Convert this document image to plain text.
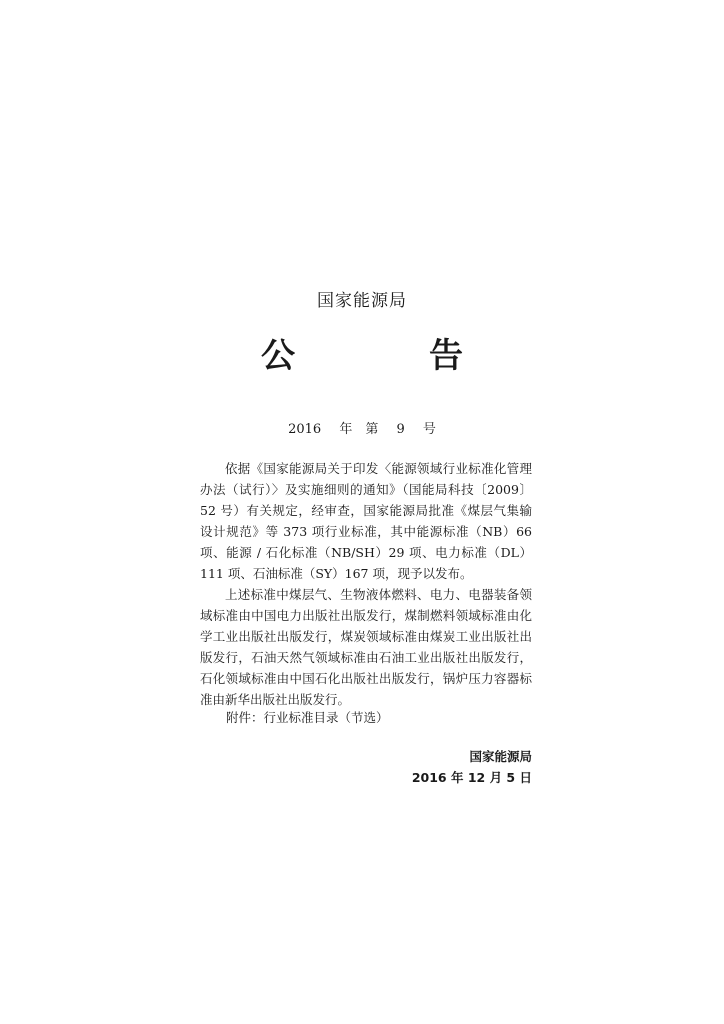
国家能源局
公　告
2016 年　第 9 号

依据《国家能源局关于印发〈能源领域行业标准化管理办法（试行）〉及实施细则的通知》（国能局科技〔2009〕52 号）有关规定，经审查，国家能源局批准《煤层气集输设计规范》等 373 项行业标准，其中能源标准（NB）66 项、能源 / 石化标准（NB/SH）29 项、电力标准（DL）111 项、石油标准（SY）167 项，现予以发布。

上述标准中煤层气、生物液体燃料、电力、电器装备领域标准由中国电力出版社出版发行，煤制燃料领域标准由化学工业出版社出版发行，煤炭领域标准由煤炭工业出版社出版发行，石油天然气领域标准由石油工业出版社出版发行，石化领域标准由中国石化出版社出版发行，锅炉压力容器标准由新华出版社出版发行。

附件：行业标准目录（节选）
国家能源局
2016 年 12 月 5 日
